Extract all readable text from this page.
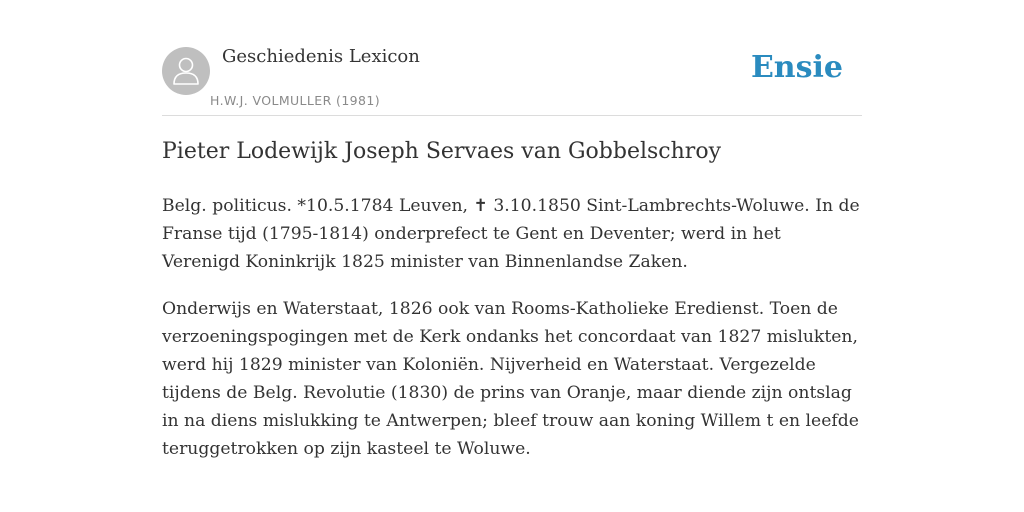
Geschiedenis Lexicon
H.W.J. VOLMULLER (1981)
Ensie
Pieter Lodewijk Joseph Servaes van Gobbelschroy

Belg. politicus. *10.5.1784 Leuven, ✝ 3.10.1850 Sint-Lambrechts-Woluwe. In de Franse tijd (1795-1814) onderprefect te Gent en Deventer; werd in het Verenigd Koninkrijk 1825 minister van Binnenlandse Zaken.

Onderwijs en Waterstaat, 1826 ook van Rooms-Katholieke Eredienst. Toen de verzoeningspogingen met de Kerk ondanks het concordaat van 1827 mislukten, werd hij 1829 minister van Koloniën. Nijverheid en Waterstaat. Vergezelde tijdens de Belg. Revolutie (1830) de prins van Oranje, maar diende zijn ontslag in na diens mislukking te Antwerpen; bleef trouw aan koning Willem t en leefde teruggetrokken op zijn kasteel te Woluwe.
